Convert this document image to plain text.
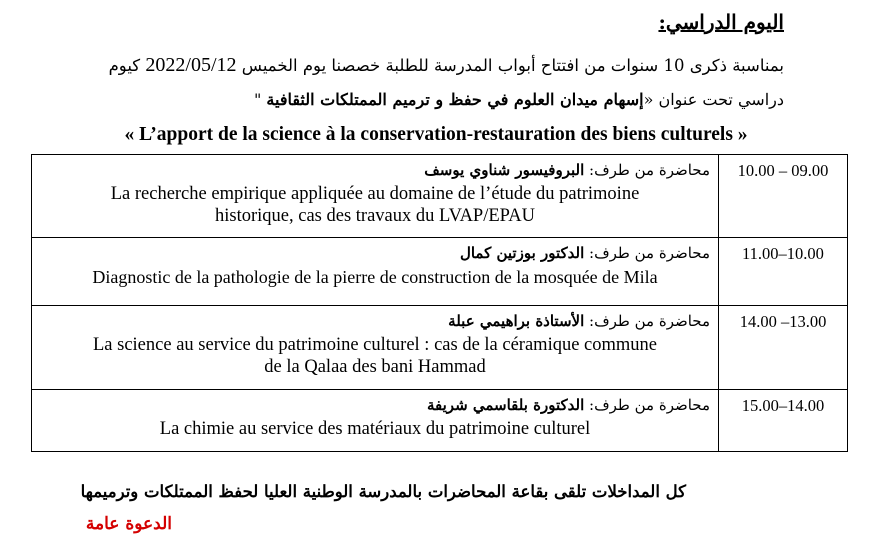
اليوم الدراسي:

بمناسبة ذكرى 10 سنوات من افتتاح أبواب المدرسة للطلبة خصصنا يوم الخميس 2022/05/12 كيوم

دراسي تحت عنوان «إسهام ميدان العلوم في حفظ و ترميم الممتلكات الثقافية "

« L’apport de la science à la conservation-restauration des biens culturels »

محاضرة من طرف: البروفيسور شناوي يوسف

La recherche empirique appliquée au domaine de l’étude du patrimoine
historique, cas des travaux du LVAP/EPAU	10.00 – 09.00

محاضرة من طرف: الدكتور بوزتين كمال

Diagnostic de la pathologie de la pierre de construction de la mosquée de Mila	11.00–10.00

محاضرة من طرف: الأستاذة براهيمي عبلة

La science au service du patrimoine culturel : cas de la céramique commune
de la Qalaa des bani Hammad	14.00 –13.00

محاضرة من طرف: الدكتورة بلقاسمي شريفة

La chimie au service des matériaux du patrimoine culturel	15.00–14.00

كل المداخلات تلقى بقاعة المحاضرات بالمدرسة الوطنية العليا لحفظ الممتلكات وترميمها

الدعوة عامة
